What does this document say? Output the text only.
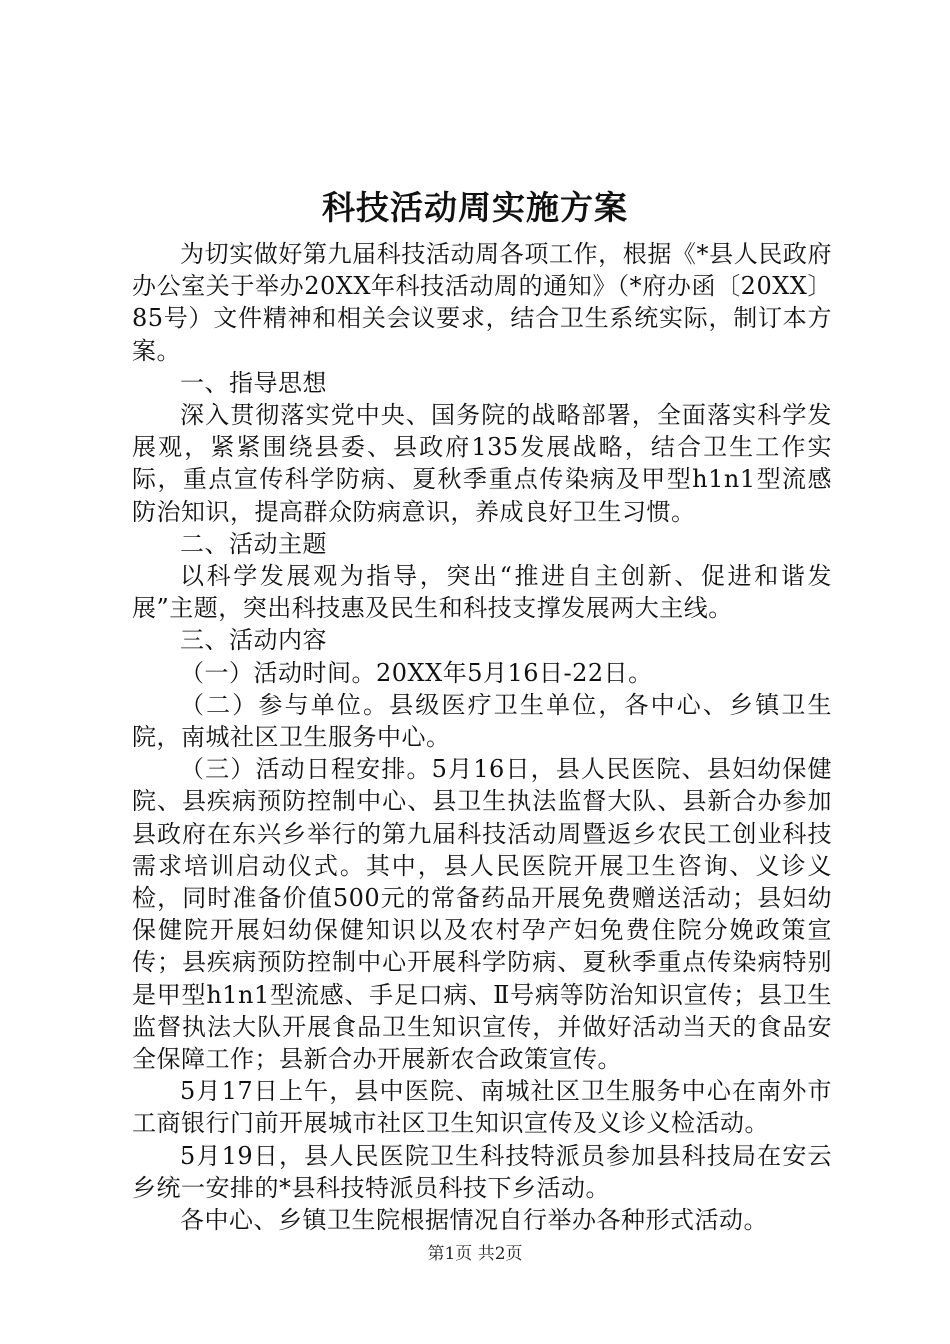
科技活动周实施方案

为切实做好第九届科技活动周各项工作，根据《*县人民政府办公室关于举办20XX年科技活动周的通知》（*府办函〔20XX〕85号）文件精神和相关会议要求，结合卫生系统实际，制订本方案。

一、指导思想

深入贯彻落实党中央、国务院的战略部署，全面落实科学发展观，紧紧围绕县委、县政府135发展战略，结合卫生工作实际，重点宣传科学防病、夏秋季重点传染病及甲型h1n1型流感防治知识，提高群众防病意识，养成良好卫生习惯。

二、活动主题

以科学发展观为指导，突出“推进自主创新、促进和谐发展”主题，突出科技惠及民生和科技支撑发展两大主线。

三、活动内容

（一）活动时间。20XX年5月16日-22日。

（二）参与单位。县级医疗卫生单位，各中心、乡镇卫生院，南城社区卫生服务中心。

（三）活动日程安排。5月16日，县人民医院、县妇幼保健院、县疾病预防控制中心、县卫生执法监督大队、县新合办参加县政府在东兴乡举行的第九届科技活动周暨返乡农民工创业科技需求培训启动仪式。其中，县人民医院开展卫生咨询、义诊义检，同时准备价值500元的常备药品开展免费赠送活动；县妇幼保健院开展妇幼保健知识以及农村孕产妇免费住院分娩政策宣传；县疾病预防控制中心开展科学防病、夏秋季重点传染病特别是甲型h1n1型流感、手足口病、Ⅱ号病等防治知识宣传；县卫生监督执法大队开展食品卫生知识宣传，并做好活动当天的食品安全保障工作；县新合办开展新农合政策宣传。

5月17日上午，县中医院、南城社区卫生服务中心在南外市工商银行门前开展城市社区卫生知识宣传及义诊义检活动。

5月19日，县人民医院卫生科技特派员参加县科技局在安云乡统一安排的*县科技特派员科技下乡活动。

各中心、乡镇卫生院根据情况自行举办各种形式活动。

第1页 共2页
